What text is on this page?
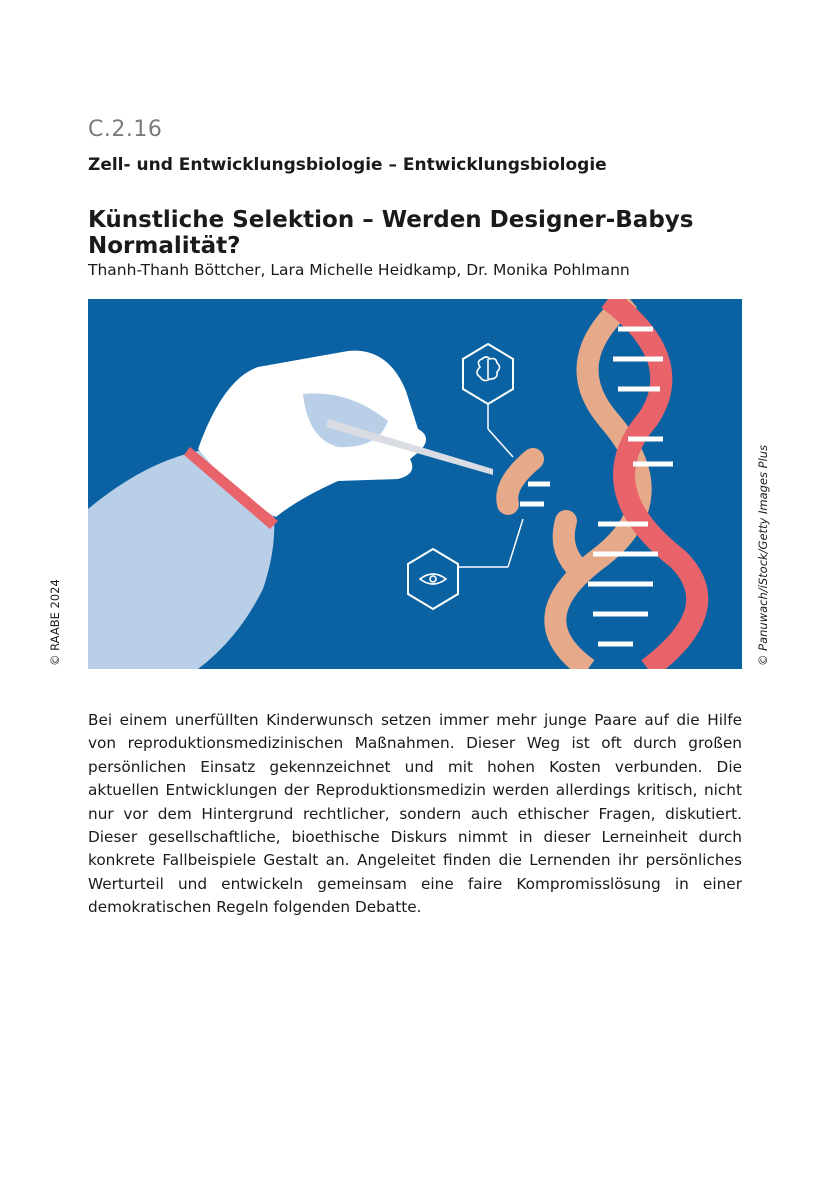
C.2.16
Zell- und Entwicklungsbiologie – Entwicklungsbiologie
Künstliche Selektion – Werden Designer-Babys Normalität?
Thanh-Thanh Böttcher, Lara Michelle Heidkamp, Dr. Monika Pohlmann
© RAABE 2024	© Panuwach/iStock/Getty Images Plus
Bei einem unerfüllten Kinderwunsch setzen immer mehr junge Paare auf die Hilfe von reproduktionsmedizinischen Maßnahmen. Dieser Weg ist oft durch großen persönlichen Einsatz gekennzeichnet und mit hohen Kosten verbunden. Die aktuellen Entwicklungen der Reproduktionsmedizin werden allerdings kritisch, nicht nur vor dem Hintergrund rechtlicher, sondern auch ethischer Fragen, diskutiert. Dieser gesellschaftliche, bioethische Diskurs nimmt in dieser Lerneinheit durch konkrete Fallbeispiele Gestalt an. Angeleitet finden die Lernenden ihr persönliches Werturteil und entwickeln gemeinsam eine faire Kompromisslösung in einer demokratischen Regeln folgenden Debatte.
